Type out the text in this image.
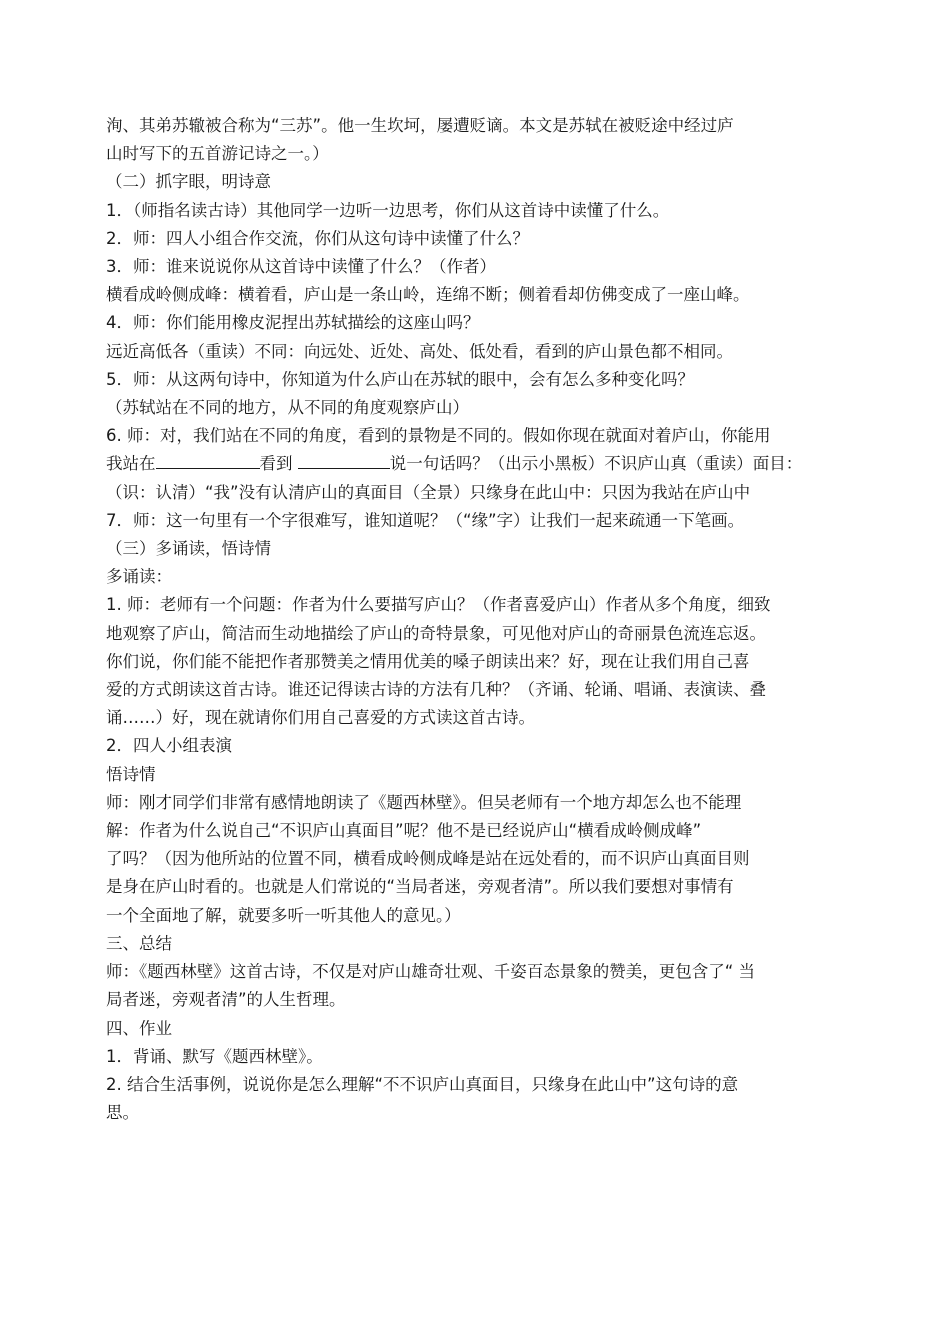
洵、其弟苏辙被合称为“三苏”。他一生坎坷，屡遭贬谪。本文是苏轼在被贬途中经过庐
山时写下的五首游记诗之一。）
（二）抓字眼，明诗意
1．（师指名读古诗）其他同学一边听一边思考，你们从这首诗中读懂了什么。
2．师：四人小组合作交流，你们从这句诗中读懂了什么？
3．师：谁来说说你从这首诗中读懂了什么？（作者）
横看成岭侧成峰：横着看，庐山是一条山岭，连绵不断；侧着看却仿佛变成了一座山峰。
4．师：你们能用橡皮泥捏出苏轼描绘的这座山吗？
远近高低各（重读）不同：向远处、近处、高处、低处看，看到的庐山景色都不相同。
5．师：从这两句诗中，你知道为什么庐山在苏轼的眼中，会有怎么多种变化吗？
（苏轼站在不同的地方，从不同的角度观察庐山）
6. 师：对，我们站在不同的角度，看到的景物是不同的。假如你现在就面对着庐山，你能用
我站在	看到	说一句话吗？（出示小黑板）不识庐山真（重读）面目：
（识：认清）“我”没有认清庐山的真面目（全景）只缘身在此山中：只因为我站在庐山中
7．师：这一句里有一个字很难写，谁知道呢？（“缘”字）让我们一起来疏通一下笔画。
（三）多诵读，悟诗情
多诵读：
1. 师：老师有一个问题：作者为什么要描写庐山？（作者喜爱庐山）作者从多个角度，细致
地观察了庐山，简洁而生动地描绘了庐山的奇特景象，可见他对庐山的奇丽景色流连忘返。
你们说，你们能不能把作者那赞美之情用优美的嗓子朗读出来？好，现在让我们用自己喜
爱的方式朗读这首古诗。谁还记得读古诗的方法有几种？（齐诵、轮诵、唱诵、表演读、叠
诵……）好，现在就请你们用自己喜爱的方式读这首古诗。
2．四人小组表演
悟诗情
师：刚才同学们非常有感情地朗读了《题西林壁》。但吴老师有一个地方却怎么也不能理
解：作者为什么说自己“不识庐山真面目”呢？他不是已经说庐山“横看成岭侧成峰”
了吗？（因为他所站的位置不同，横看成岭侧成峰是站在远处看的，而不识庐山真面目则
是身在庐山时看的。也就是人们常说的“当局者迷，旁观者清”。所以我们要想对事情有
一个全面地了解，就要多听一听其他人的意见。）
三、总结
师：《题西林壁》这首古诗，不仅是对庐山雄奇壮观、千姿百态景象的赞美，更包含了“ 当
局者迷，旁观者清”的人生哲理。
四、作业
1．背诵、默写《题西林壁》。
2. 结合生活事例，说说你是怎么理解“不不识庐山真面目，只缘身在此山中”这句诗的意
思。
